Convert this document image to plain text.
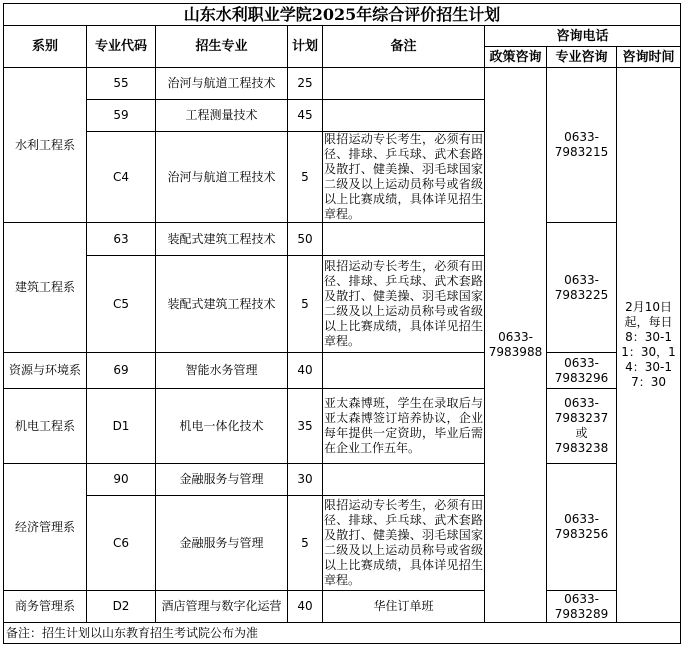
山东水利职业学院2025年综合评价招生计划							
系别	专业代码	招生专业	计划	备注	咨询电话		
					政策咨询	专业咨询	咨询时间
水利工程系	55	治河与航道工程技术	25		0633-7983988	0633-7983215	2月10日起，每日8：30-11：30，14：30-17：30
	59	工程测量技术	45				
	C4	治河与航道工程技术	5	限招运动专长考生，必须有田径、排球、乒乓球、武术套路及散打、健美操、羽毛球国家二级及以上运动员称号或省级以上比赛成绩，具体详见招生章程。			
建筑工程系	63	装配式建筑工程技术	50			0633-7983225	
	C5	装配式建筑工程技术	5	限招运动专长考生，必须有田径、排球、乒乓球、武术套路及散打、健美操、羽毛球国家二级及以上运动员称号或省级以上比赛成绩，具体详见招生章程。			
资源与环境系	69	智能水务管理	40			0633-7983296	
机电工程系	D1	机电一体化技术	35	亚太森博班，学生在录取后与亚太森博签订培养协议，企业每年提供一定资助，毕业后需在企业工作五年。		0633-7983237或7983238	
经济管理系	90	金融服务与管理	30			0633-7983256	
	C6	金融服务与管理	5	限招运动专长考生，必须有田径、排球、乒乓球、武术套路及散打、健美操、羽毛球国家二级及以上运动员称号或省级以上比赛成绩，具体详见招生章程。			
商务管理系	D2	酒店管理与数字化运营	40	华住订单班		0633-7983289	
备注：招生计划以山东教育招生考试院公布为准							
